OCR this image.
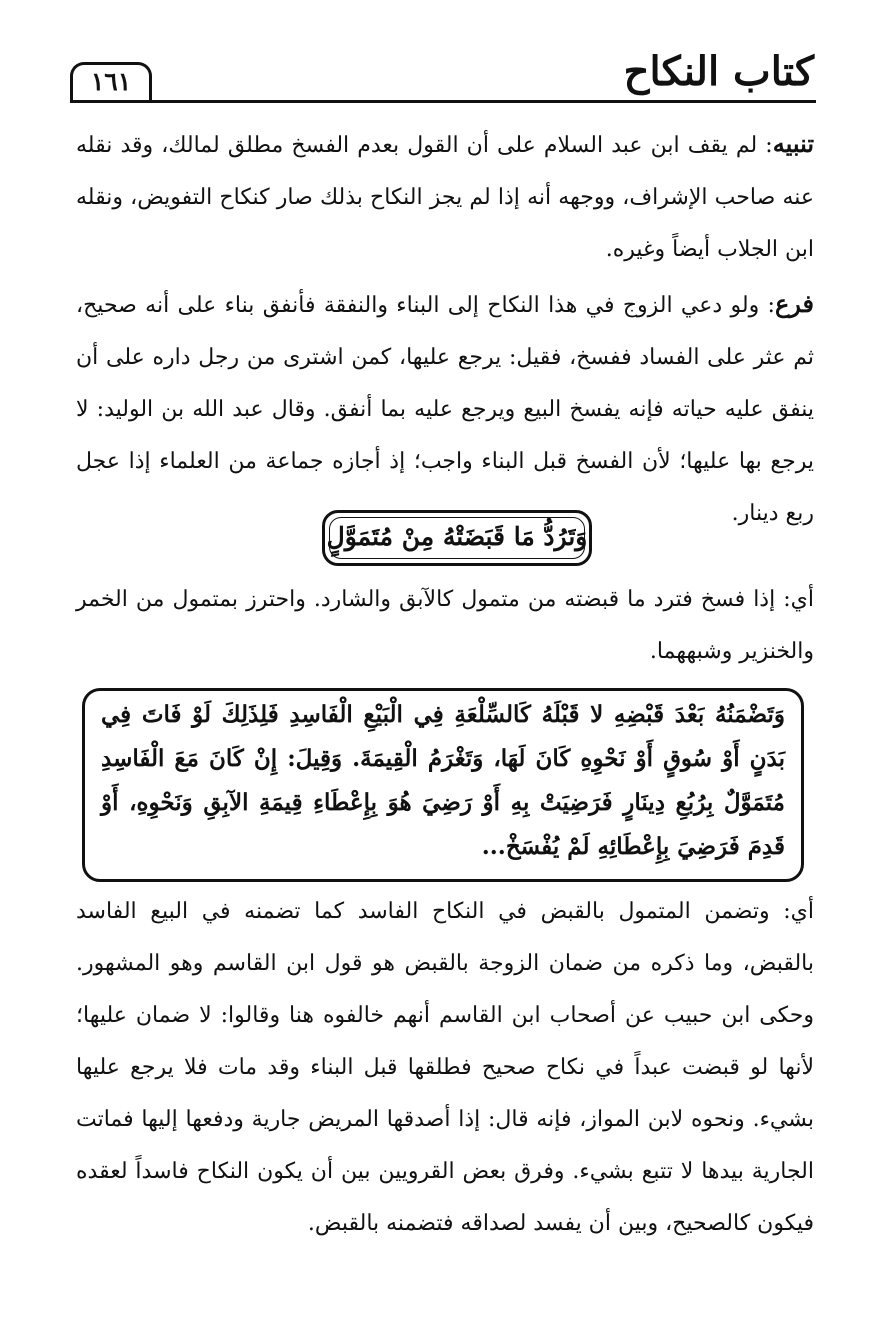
كتاب النكاح
١٦١

تنبيه: لم يقف ابن عبد السلام على أن القول بعدم الفسخ مطلق لمالك، وقد نقله عنه صاحب الإشراف، ووجهه أنه إذا لم يجز النكاح بذلك صار كنكاح التفويض، ونقله ابن الجلاب أيضاً وغيره.

فرع: ولو دعي الزوج في هذا النكاح إلى البناء والنفقة فأنفق بناء على أنه صحيح، ثم عثر على الفساد ففسخ، فقيل: يرجع عليها، كمن اشترى من رجل داره على أن ينفق عليه حياته فإنه يفسخ البيع ويرجع عليه بما أنفق. وقال عبد الله بن الوليد: لا يرجع بها عليها؛ لأن الفسخ قبل البناء واجب؛ إذ أجازه جماعة من العلماء إذا عجل ربع دينار.

وَتَرُدُّ مَا قَبَضَتْهُ مِنْ مُتَمَوَّلٍ

أي: إذا فسخ فترد ما قبضته من متمول كالآبق والشارد. واحترز بمتمول من الخمر والخنزير وشبههما.

وَتَضْمَنُهُ بَعْدَ قَبْضِهِ لا قَبْلَهُ كَالسِّلْعَةِ فِي الْبَيْعِ الْفَاسِدِ فَلِذَلِكَ لَوْ فَاتَ فِي بَدَنٍ أَوْ سُوقٍ أَوْ نَحْوِهِ كَانَ لَهَا، وَتَغْرَمُ الْقِيمَةَ. وَقِيلَ: إِنْ كَانَ مَعَ الْفَاسِدِ مُتَمَوَّلٌ بِرُبُعِ دِينَارٍ فَرَضِيَتْ بِهِ أَوْ رَضِيَ هُوَ بِإِعْطَاءِ قِيمَةِ الآبِقِ وَنَحْوِهِ، أَوْ قَدِمَ فَرَضِيَ بِإِعْطَائِهِ لَمْ يُفْسَخْ...

أي: وتضمن المتمول بالقبض في النكاح الفاسد كما تضمنه في البيع الفاسد بالقبض، وما ذكره من ضمان الزوجة بالقبض هو قول ابن القاسم وهو المشهور. وحكى ابن حبيب عن أصحاب ابن القاسم أنهم خالفوه هنا وقالوا: لا ضمان عليها؛ لأنها لو قبضت عبداً في نكاح صحيح فطلقها قبل البناء وقد مات فلا يرجع عليها بشيء. ونحوه لابن المواز، فإنه قال: إذا أصدقها المريض جارية ودفعها إليها فماتت الجارية بيدها لا تتبع بشيء. وفرق بعض القرويين بين أن يكون النكاح فاسداً لعقده فيكون كالصحيح، وبين أن يفسد لصداقه فتضمنه بالقبض.
